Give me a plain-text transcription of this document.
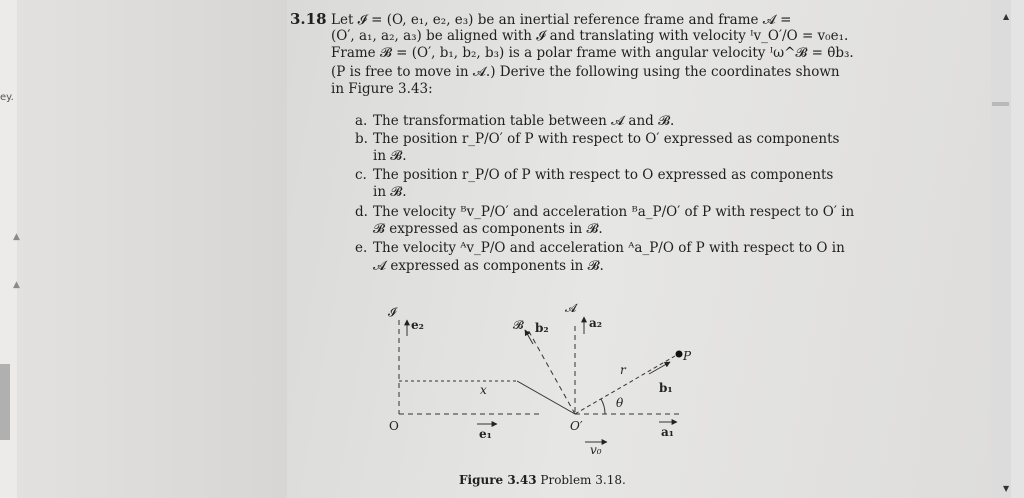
ey.
▲
▲
3.18 Let 𝓘 = (O, e₁, e₂, e₃) be an inertial reference frame and frame 𝓐 =
(O′, a₁, a₂, a₃) be aligned with 𝓘 and translating with velocity ᴵv_O′/O = v₀e₁.
Frame 𝓑 = (O′, b₁, b₂, b₃) is a polar frame with angular velocity ᴵω^𝓑 = θ̇b₃.
(P is free to move in 𝓐.) Derive the following using the coordinates shown
in Figure 3.43:
a. The transformation table between 𝓐 and 𝓑.
b. The position r_P/O′ of P with respect to O′ expressed as components
in 𝓑.
c. The position r_P/O of P with respect to O expressed as components
in 𝓑.
d. The velocity ᴮv_P/O′ and acceleration ᴮa_P/O′ of P with respect to O′ in
𝓑 expressed as components in 𝓑.
e. The velocity ᴬv_P/O and acceleration ᴬa_P/O of P with respect to O in
𝓐 expressed as components in 𝓑.
𝓘
e₂
O
e₁
x
𝓑 b₂
𝓐
a₂
P
r
b₁
θ
O′	a₁
v₀
Figure 3.43 Problem 3.18.
▲
▼
